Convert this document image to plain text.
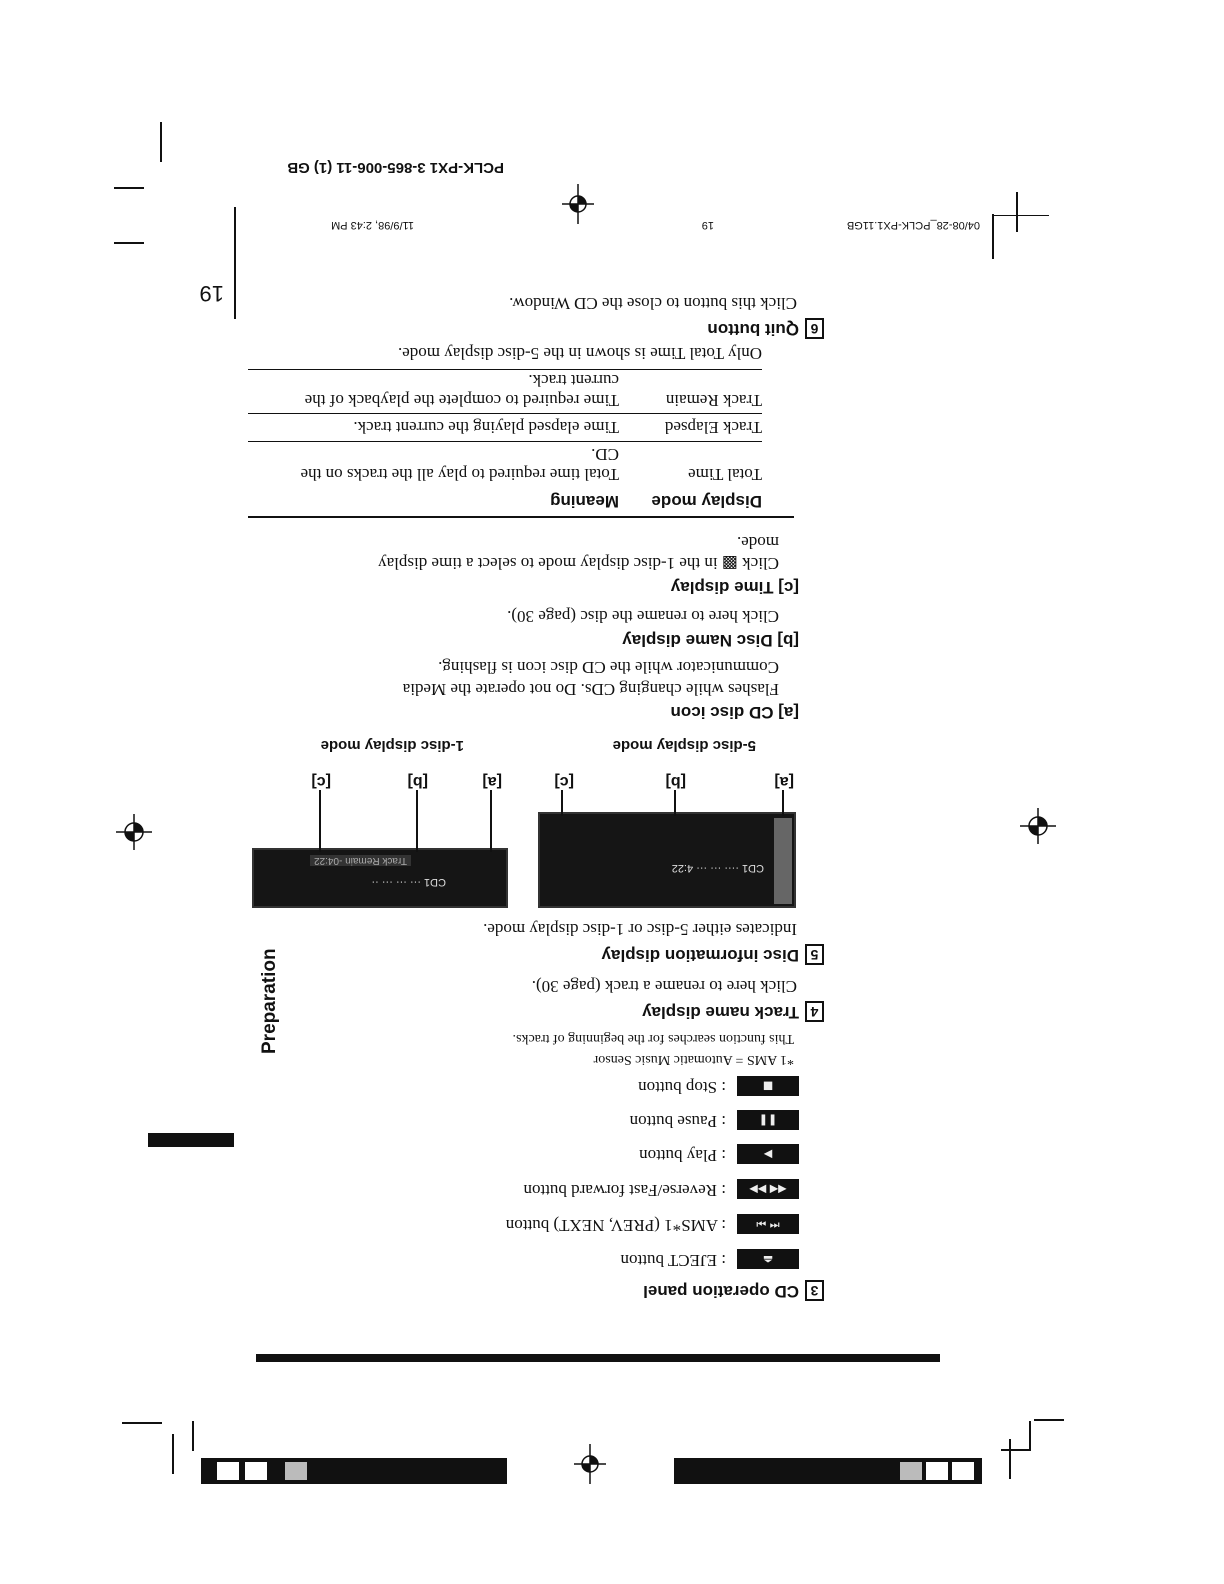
Preparation
3CD operation panel
⏏
: EJECT button
⏮ ⏭
: AMS*1 (PREV, NEXT) button
◀◀ ▶▶
: Reverse/Fast forward button
▶
: Play button
❚❚
: Pause button
■
: Stop button
*1 AMS = Automatic Music Sensor
This function searches for the beginning of tracks.
4Track name display
Click here to rename a track (page 30).
5Disc information display
Indicates either 5-disc or 1-disc display mode.
CD1 ···· ··· ··· 4:22
CD1 ··· ··· ··· ··
Track Remain -04:22
[a]
[b]
[c]
[a]
[b]
[c]
5-disc display mode
1-disc display mode
[a] CD disc icon
Flashes while changing CDs. Do not operate the Media
Communicator while the CD disc icon is flashing.
[b] Disc Name display
Click here to rename the disc (page 30).
[c] Time display
Click ▩ in the 1-disc display mode to select a time display
mode.
Display mode
Meaning
Total Time
Total time required to play all the tracks on the
CD.
Track Elapsed
Time elapsed playing the current track.
Track Remain
Time required to complete the playback of the
current track.
Only Total Time is shown in the 5-disc display mode.
6Quit button
Click this button to close the CD Window.
19
04/08-28_PCLK-PX1.11GB
19
11/9/98, 2:43 PM
PCLK-PX1 3-865-006-11 (1) GB
